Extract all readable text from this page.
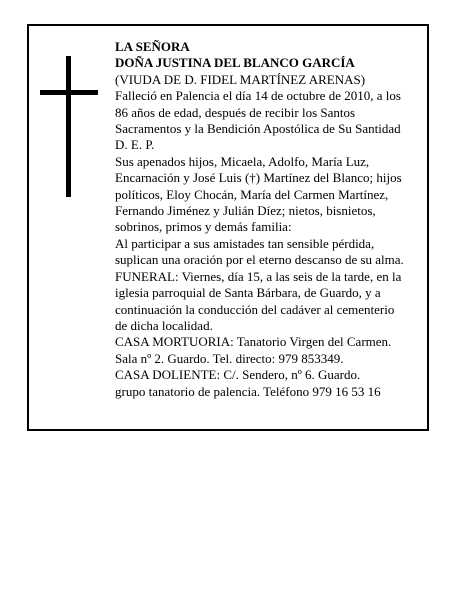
LA SEÑORA
DOÑA JUSTINA DEL BLANCO GARCÍA
(VIUDA DE D. FIDEL MARTÍNEZ ARENAS)
Falleció en Palencia el día 14 de octubre de 2010, a los
86 años de edad, después de recibir los Santos
Sacramentos y la Bendición Apostólica de Su Santidad
D. E. P.
Sus apenados hijos, Micaela, Adolfo, María Luz,
Encarnación y José Luis (†) Martínez del Blanco; hijos
políticos, Eloy Chocán, María del Carmen Martínez,
Fernando Jiménez y Julián Díez; nietos, bisnietos,
sobrinos, primos y demás familia:
Al participar a sus amistades tan sensible pérdida,
suplican una oración por el eterno descanso de su alma.
FUNERAL: Viernes, día 15, a las seis de la tarde, en la
iglesia parroquial de Santa Bárbara, de Guardo, y a
continuación la conducción del cadáver al cementerio
de dicha localidad.
CASA MORTUORIA: Tanatorio Virgen del Carmen.
Sala nº 2. Guardo. Tel. directo: 979 853349.
CASA DOLIENTE: C/. Sendero, nº 6. Guardo.
grupo tanatorio de palencia. Teléfono 979 16 53 16
